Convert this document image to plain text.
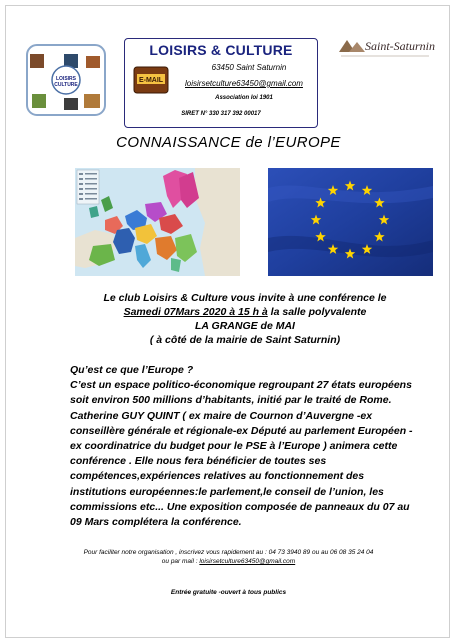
LOISIRS
CULTURE
LOISIRS & CULTURE
63450 Saint Saturnin
E-MAIL	loisirsetculture63450@gmail.com
Association loi 1901
SIRET N° 330 317 392 00017
Saint-Saturnin
CONNAISSANCE de l’EUROPE
Le club Loisirs & Culture vous invite à une conférence le
Samedi 07Mars 2020 à 15 h à la salle polyvalente
LA GRANGE de MAI
( à côté de la mairie de Saint Saturnin)

Qu’est ce que l’Europe ?

C’est un espace politico-économique regroupant 27 états européens soit environ 500 millions d’habitants, initié par le traité de Rome. Catherine GUY QUINT ( ex maire de Cournon d’Auvergne -ex conseillère générale et régionale-ex Député au parlement Européen -ex coordinatrice du budget pour le PSE à l’Europe ) animera cette conférence . Elle nous fera bénéficier de toutes ses compétences,expériences relatives au fonctionnement des institutions européennes:le parlement,le conseil de l’union, les commissions etc... Une exposition composée de panneaux du 07 au 09 Mars complétera la conférence.

Pour faciliter notre organisation , inscrivez vous rapidement au : 04 73 3940 89 ou au 06 08 35 24 04
ou par mail : loisirsetculture63450@gmail.com
Entrée gratuite -ouvert à tous publics
